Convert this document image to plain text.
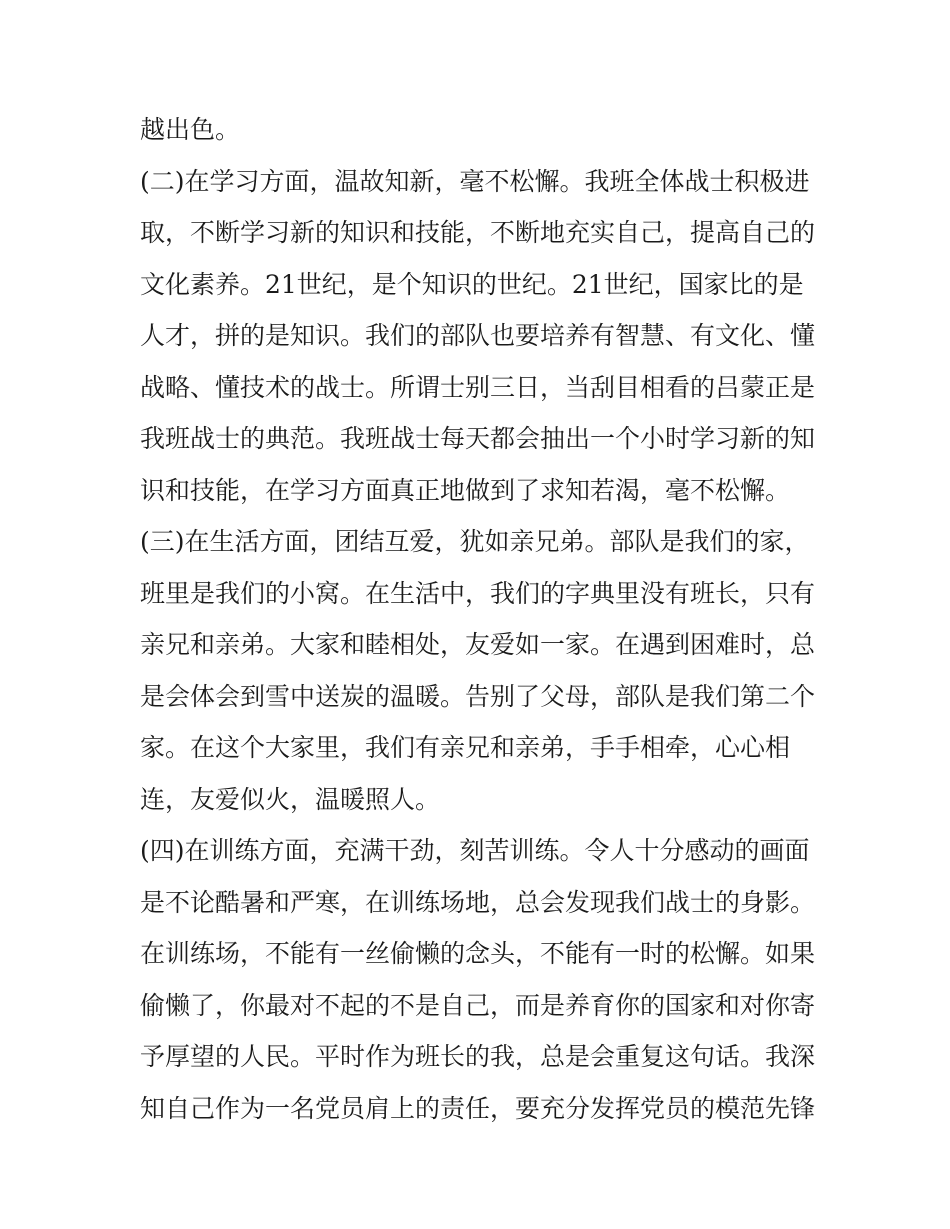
越出色。
(二)在学习方面，温故知新，毫不松懈。我班全体战士积极进
取，不断学习新的知识和技能，不断地充实自己，提高自己的
文化素养。21世纪，是个知识的世纪。21世纪，国家比的是
人才，拼的是知识。我们的部队也要培养有智慧、有文化、懂
战略、懂技术的战士。所谓士别三日，当刮目相看的吕蒙正是
我班战士的典范。我班战士每天都会抽出一个小时学习新的知
识和技能，在学习方面真正地做到了求知若渴，毫不松懈。
(三)在生活方面，团结互爱，犹如亲兄弟。部队是我们的家，
班里是我们的小窝。在生活中，我们的字典里没有班长，只有
亲兄和亲弟。大家和睦相处，友爱如一家。在遇到困难时，总
是会体会到雪中送炭的温暖。告别了父母，部队是我们第二个
家。在这个大家里，我们有亲兄和亲弟，手手相牵，心心相
连，友爱似火，温暖照人。
(四)在训练方面，充满干劲，刻苦训练。令人十分感动的画面
是不论酷暑和严寒，在训练场地，总会发现我们战士的身影。
在训练场，不能有一丝偷懒的念头，不能有一时的松懈。如果
偷懒了，你最对不起的不是自己，而是养育你的国家和对你寄
予厚望的人民。平时作为班长的我，总是会重复这句话。我深
知自己作为一名党员肩上的责任，要充分发挥党员的模范先锋
